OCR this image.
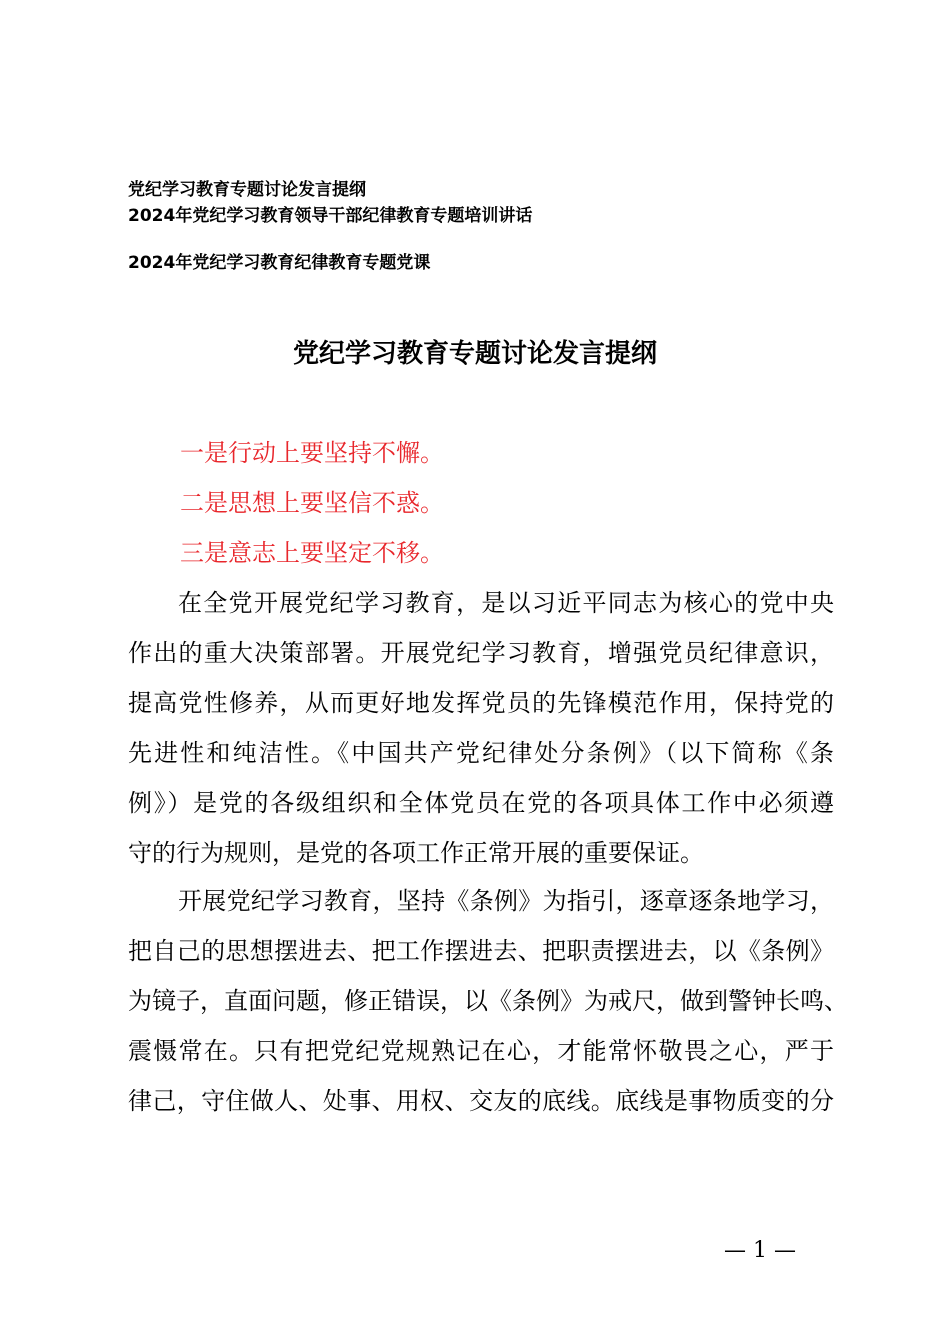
党纪学习教育专题讨论发言提纲
2024年党纪学习教育领导干部纪律教育专题培训讲话
2024年党纪学习教育纪律教育专题党课
党纪学习教育专题讨论发言提纲
一是行动上要坚持不懈。
二是思想上要坚信不惑。
三是意志上要坚定不移。
在全党开展党纪学习教育，是以习近平同志为核心的党中央
作出的重大决策部署。开展党纪学习教育，增强党员纪律意识，
提高党性修养，从而更好地发挥党员的先锋模范作用，保持党的
先进性和纯洁性。《中国共产党纪律处分条例》（以下简称《条
例》）是党的各级组织和全体党员在党的各项具体工作中必须遵
守的行为规则，是党的各项工作正常开展的重要保证。
开展党纪学习教育，坚持《条例》为指引，逐章逐条地学习，
把自己的思想摆进去、把工作摆进去、把职责摆进去，以《条例》
为镜子，直面问题，修正错误，以《条例》为戒尺，做到警钟长鸣、
震慑常在。只有把党纪党规熟记在心，才能常怀敬畏之心，严于
律己，守住做人、处事、用权、交友的底线。底线是事物质变的分
— 1 —
